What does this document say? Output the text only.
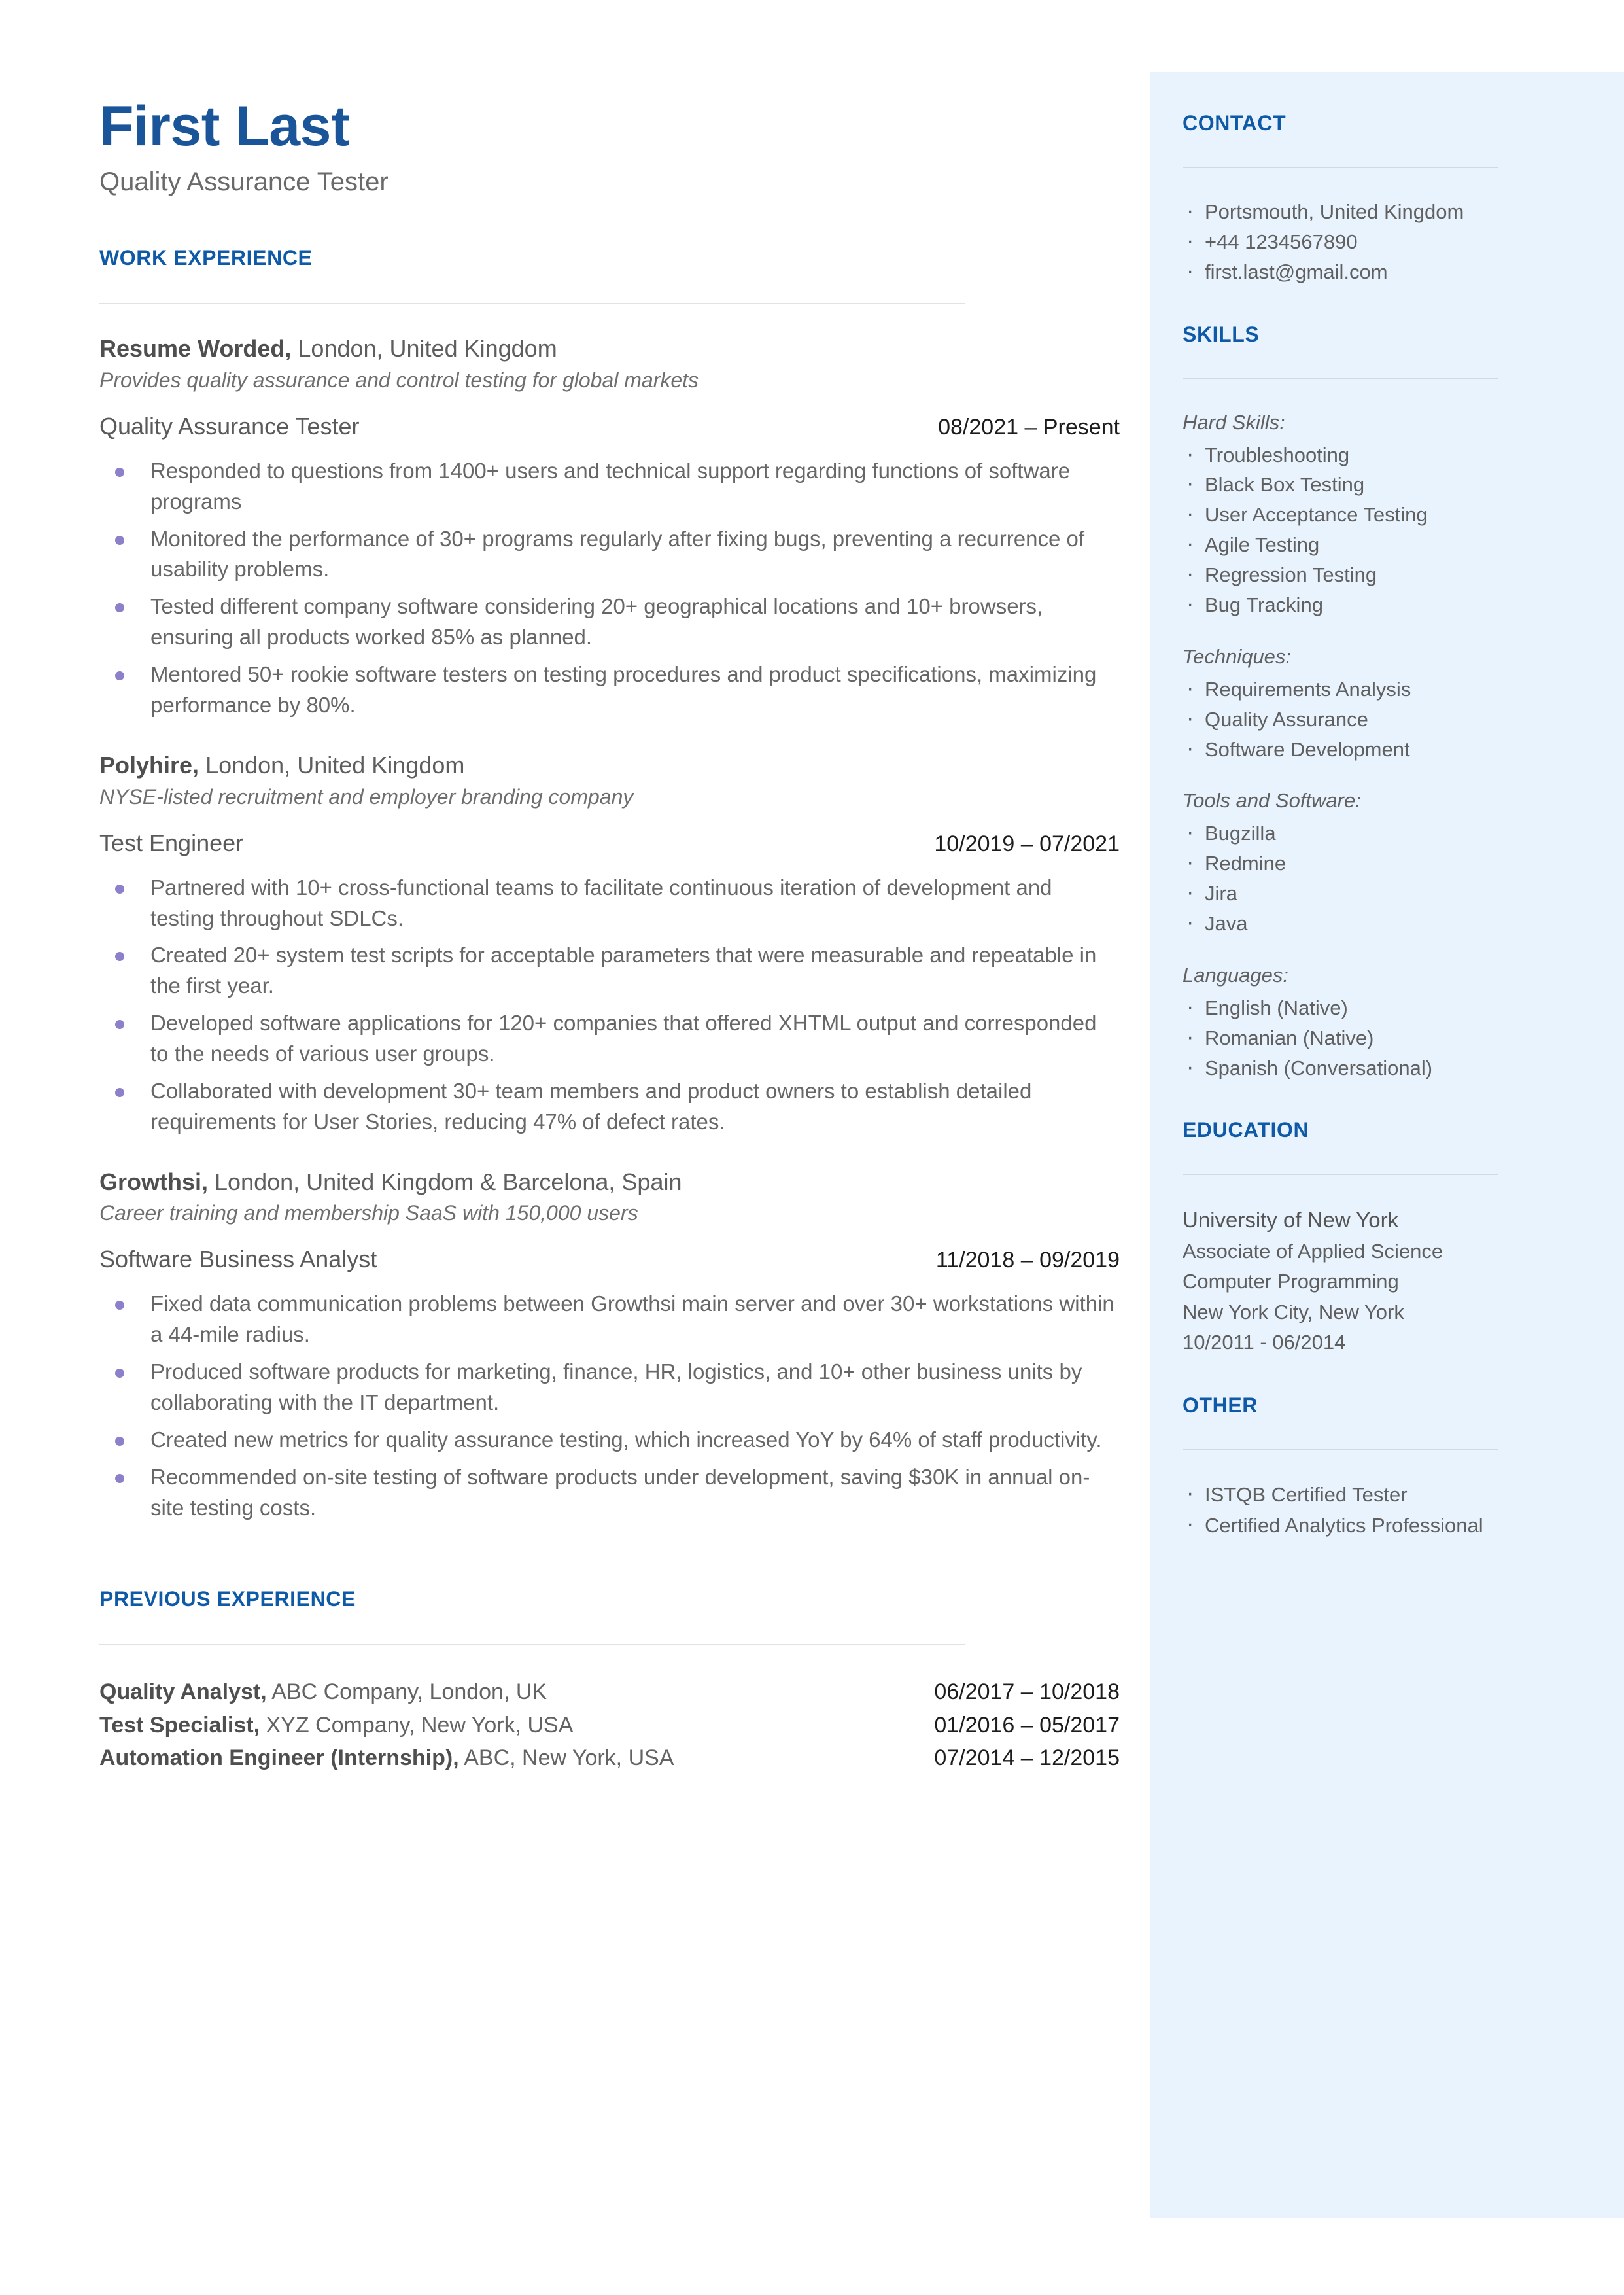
CONTACT
· Portsmouth, United Kingdom
· +44 1234567890
· first.last@gmail.com
SKILLS
Hard Skills:
· Troubleshooting
· Black Box Testing
· User Acceptance Testing
· Agile Testing
· Regression Testing
· Bug Tracking
Techniques:
· Requirements Analysis
· Quality Assurance
· Software Development
Tools and Software:
· Bugzilla
· Redmine
· Jira
· Java
Languages:
· English (Native)
· Romanian (Native)
· Spanish (Conversational)
EDUCATION
University of New York
Associate of Applied Science
Computer Programming
New York City, New York
10/2011 - 06/2014
OTHER
· ISTQB Certified Tester
· Certified Analytics Professional
First Last
Quality Assurance Tester
WORK EXPERIENCE
Resume Worded, London, United Kingdom
Provides quality assurance and control testing for global markets
Quality Assurance Tester	08/2021 – Present
Responded to questions from 1400+ users and technical support regarding functions of software programs
Monitored the performance of 30+ programs regularly after fixing bugs, preventing a recurrence of usability problems.
Tested different company software considering 20+ geographical locations and 10+ browsers, ensuring all products worked 85% as planned.
Mentored 50+ rookie software testers on testing procedures and product specifications, maximizing performance by 80%.
Polyhire, London, United Kingdom
NYSE-listed recruitment and employer branding company
Test Engineer	10/2019 – 07/2021
Partnered with 10+ cross-functional teams to facilitate continuous iteration of development and testing throughout SDLCs.
Created 20+ system test scripts for acceptable parameters that were measurable and repeatable in the first year.
Developed software applications for 120+ companies that offered XHTML output and corresponded to the needs of various user groups.
Collaborated with development 30+ team members and product owners to establish detailed requirements for User Stories, reducing 47% of defect rates.
Growthsi, London, United Kingdom & Barcelona, Spain
Career training and membership SaaS with 150,000 users
Software Business Analyst	11/2018 – 09/2019
Fixed data communication problems between Growthsi main server and over 30+ workstations within a 44-mile radius.
Produced software products for marketing, finance, HR, logistics, and 10+ other business units by collaborating with the IT department.
Created new metrics for quality assurance testing, which increased YoY by 64% of staff productivity.
Recommended on-site testing of software products under development, saving $30K in annual on-site testing costs.
PREVIOUS EXPERIENCE
Quality Analyst, ABC Company, London, UK	06/2017 – 10/2018
Test Specialist, XYZ Company, New York, USA	01/2016 – 05/2017
Automation Engineer (Internship), ABC, New York, USA	07/2014 – 12/2015
